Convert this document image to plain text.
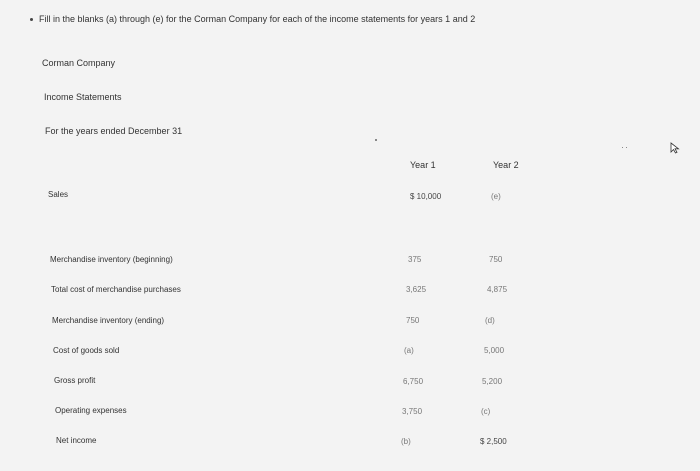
Fill in the blanks (a) through (e) for the Corman Company for each of the income statements for years 1 and 2
Corman Company
Income Statements
For the years ended December 31
Year 1	Year 2
Sales	$ 10,000	(e)
Merchandise inventory (beginning)	375	750
Total cost of merchandise purchases	3,625	4,875
Merchandise inventory (ending)	750	(d)
Cost of goods sold	(a)	5,000
Gross profit	6,750	5,200
Operating expenses	3,750	(c)
Net income	(b)	$ 2,500
